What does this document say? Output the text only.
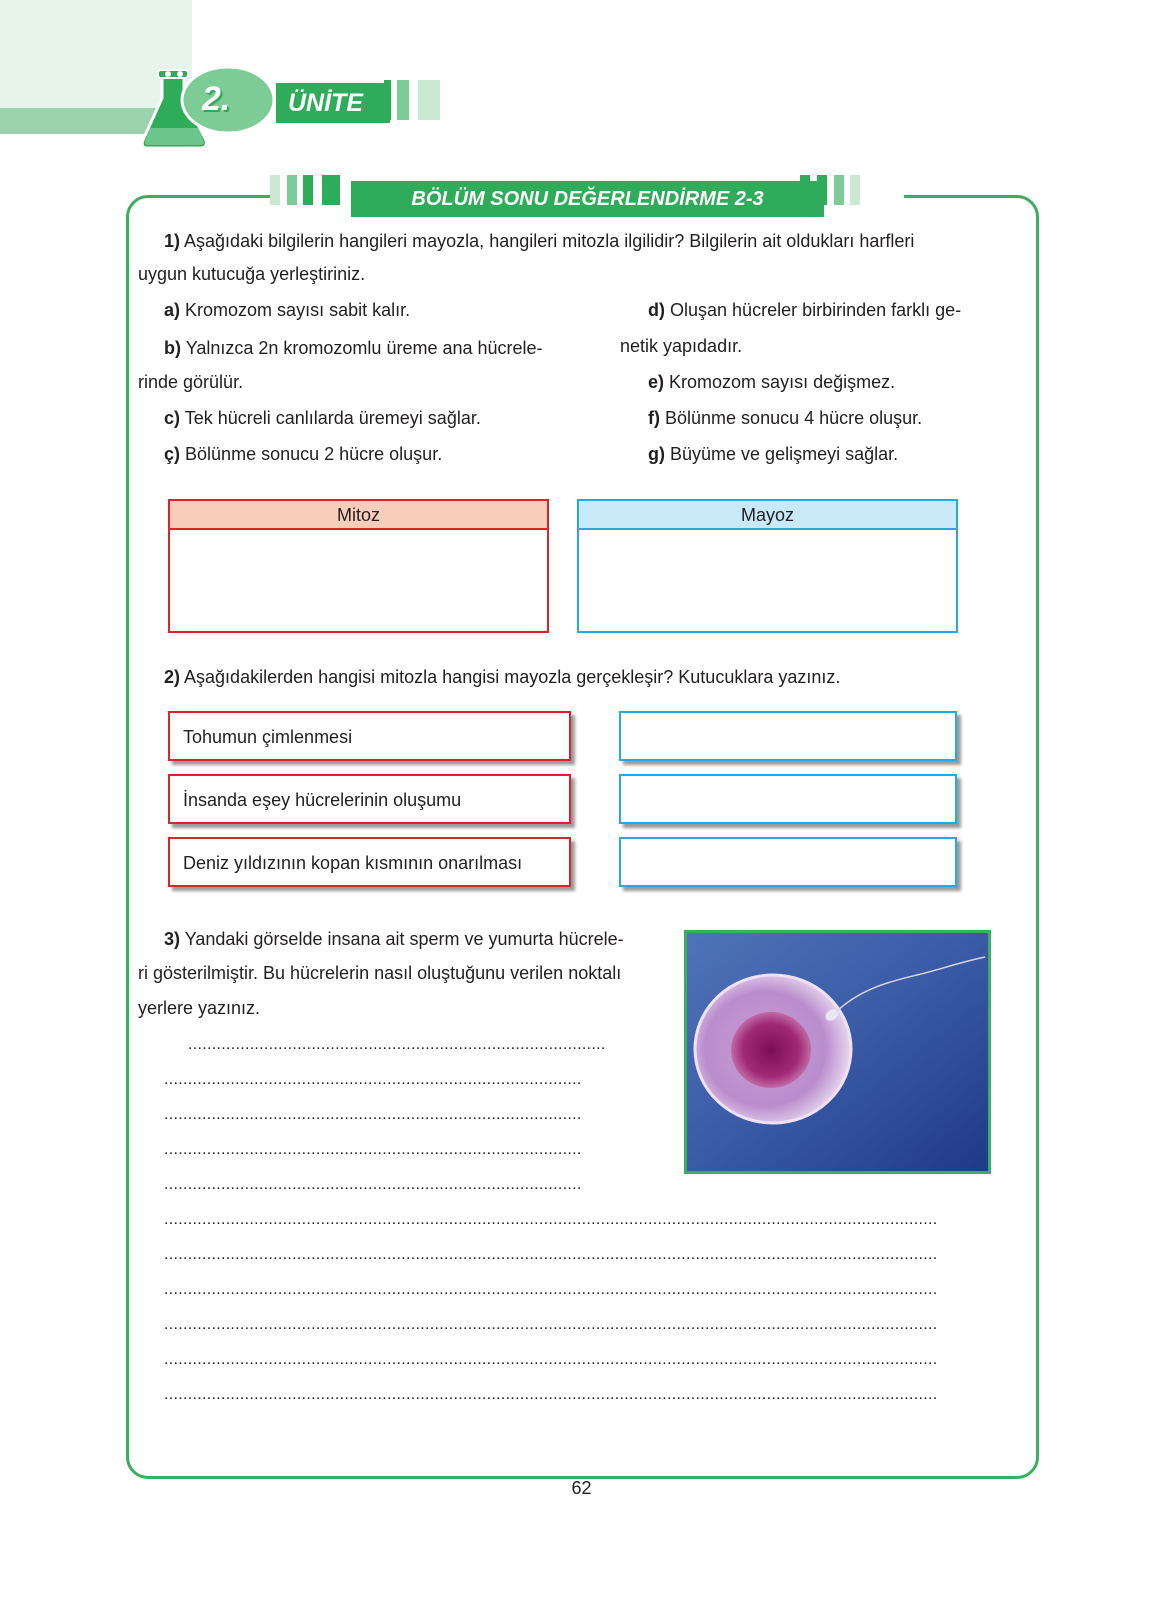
2.	ÜNİTE
BÖLÜM SONU DEĞERLENDİRME 2-3
1) Aşağıdaki bilgilerin hangileri mayozla, hangileri mitozla ilgilidir? Bilgilerin ait oldukları harfleri
uygun kutucuğa yerleştiriniz.
a) Kromozom sayısı sabit kalır.
b) Yalnızca 2n kromozomlu üreme ana hücrele-
rinde görülür.
c) Tek hücreli canlılarda üremeyi sağlar.
ç) Bölünme sonucu 2 hücre oluşur.
d) Oluşan hücreler birbirinden farklı ge-
netik yapıdadır.
e) Kromozom sayısı değişmez.
f) Bölünme sonucu 4 hücre oluşur.
g) Büyüme ve gelişmeyi sağlar.
Mitoz	Mayoz
2) Aşağıdakilerden hangisi mitozla hangisi mayozla gerçekleşir? Kutucuklara yazınız.
Tohumun çimlenmesi
İnsanda eşey hücrelerinin oluşumu
Deniz yıldızının kopan kısmının onarılması
3) Yandaki görselde insana ait sperm ve yumurta hücrele-
ri gösterilmiştir. Bu hücrelerin nasıl oluştuğunu verilen noktalı
yerlere yazınız.
........................................................................................
........................................................................................
........................................................................................
........................................................................................
........................................................................................
...................................................................................................................................................................
...................................................................................................................................................................
...................................................................................................................................................................
...................................................................................................................................................................
...................................................................................................................................................................
...................................................................................................................................................................
62
